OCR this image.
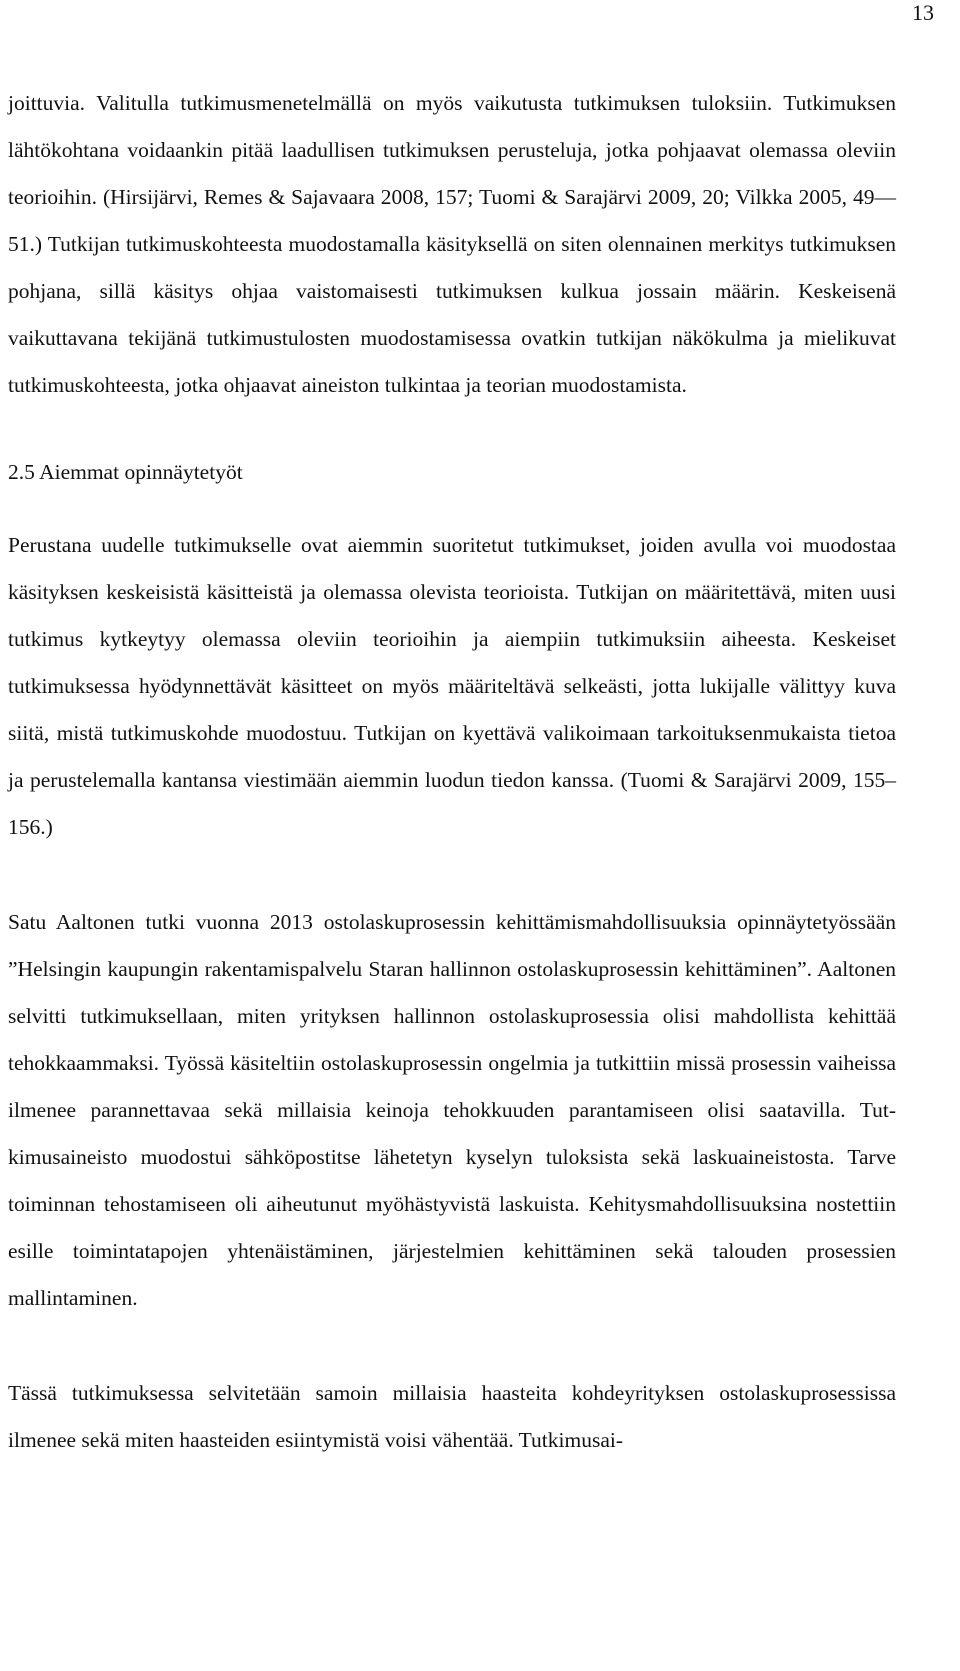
13

joittuvia. Valitulla tutkimusmenetelmällä on myös vaikutusta tutkimuksen tuloksiin. Tutkimuksen lähtökohtana voidaankin pitää laadullisen tutkimuksen perusteluja, jotka pohjaavat olemassa oleviin teorioihin. (Hirsijärvi, Remes & Sajavaara 2008, 157; Tuomi & Sarajärvi 2009, 20; Vilkka 2005, 49—51.) Tutkijan tutkimuskohteesta muodostamalla käsityksellä on siten olennainen merkitys tutkimuksen pohjana, sillä käsitys ohjaa vaistomaisesti tutkimuksen kulkua jossain määrin. Keskeisenä vaikuttavana tekijänä tutkimustulosten muodostamisessa ovatkin tutkijan näkökulma ja mielikuvat tutkimuskohteesta, jotka ohjaavat aineiston tulkintaa ja teorian muodostamista.

2.5 Aiemmat opinnäytetyöt

Perustana uudelle tutkimukselle ovat aiemmin suoritetut tutkimukset, joiden avulla voi muodostaa käsityksen keskeisistä käsitteistä ja olemassa olevista teorioista. Tutkijan on määritettävä, miten uusi tutkimus kytkeytyy olemassa oleviin teorioihin ja aiempiin tutkimuksiin aiheesta. Keskeiset tutkimuksessa hyödynnettävät käsitteet on myös määriteltävä selkeästi, jotta lukijalle välittyy kuva siitä, mistä tutkimuskohde muodostuu. Tutkijan on kyettävä valikoimaan tarkoituksenmukaista tietoa ja perustelemalla kantansa viestimään aiemmin luodun tiedon kanssa. (Tuomi & Sarajärvi 2009, 155–156.)

Satu Aaltonen tutki vuonna 2013 ostolaskuprosessin kehittämismahdollisuuksia opinnäytetyössään ”Helsingin kaupungin rakentamispalvelu Staran hallinnon ostolaskuprosessin kehittäminen”. Aaltonen selvitti tutkimuksellaan, miten yrityksen hallinnon ostolaskuprosessia olisi mahdollista kehittää tehokkaammaksi. Työssä käsiteltiin ostolaskuprosessin ongelmia ja tutkittiin missä prosessin vaiheissa ilmenee parannettavaa sekä millaisia keinoja tehokkuuden parantamiseen olisi saatavilla. Tutkimusaineisto muodostui sähköpostitse lähetetyn kyselyn tuloksista sekä laskuainеistosta. Tarve toiminnan tehostamiseen oli aiheutunut myöhästyvistä laskuista. Kehitysmahdollisuuksina nostettiin esille toimintatapojen yhtenäistäminen, järjestelmien kehittäminen sekä talouden prosessien mallintaminen.

Tässä tutkimuksessa selvitetään samoin millaisia haasteita kohdeyrityksen ostolaskuprosessissa ilmenee sekä miten haasteiden esiintymistä voisi vähentää. Tutkimusai-
